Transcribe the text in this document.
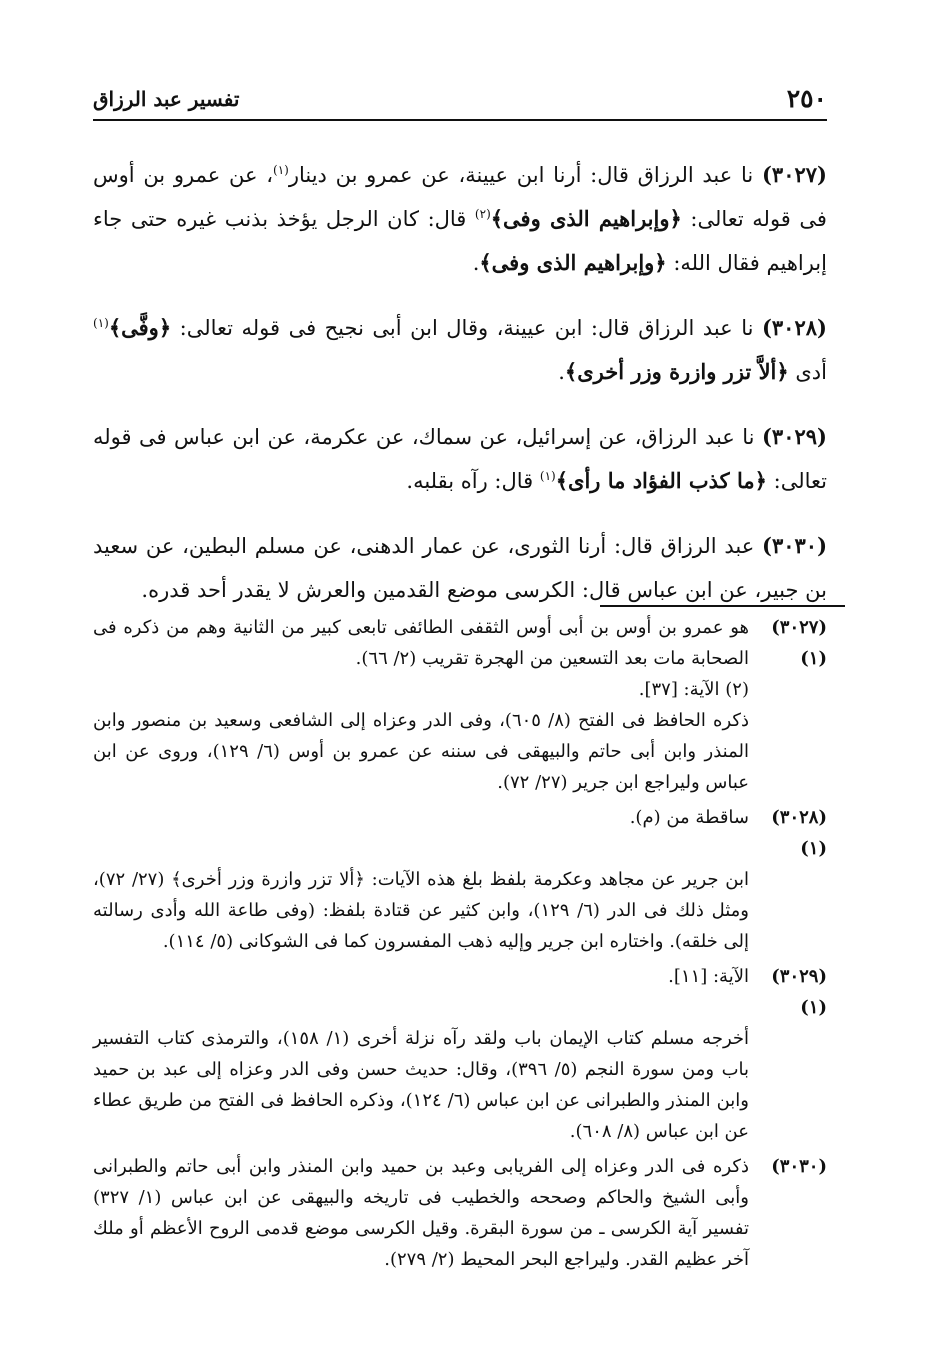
٢٥٠
تفسير عبد الرزاق

(٣٠٢٧) نا عبد الرزاق قال: أرنا ابن عيينة، عن عمرو بن دينار$^{(١)}$، عن عمرو بن أوس فى قوله تعالى: ﴿وإبراهيم الذى وفى﴾$^{(٢)}$ قال: كان الرجل يؤخذ بذنب غيره حتى جاء إبراهيم فقال الله: ﴿وإبراهيم الذى وفى﴾.

(٣٠٢٨) نا عبد الرزاق قال: ابن عيينة، وقال ابن أبى نجيح فى قوله تعالى: ﴿وفَّى﴾$^{(١)}$ أدى ﴿ألاَّ تزر وازرة وزر أخرى﴾.

(٣٠٢٩) نا عبد الرزاق، عن إسرائيل، عن سماك، عن عكرمة، عن ابن عباس فى قوله تعالى: ﴿ما كذب الفؤاد ما رأى﴾$^{(١)}$ قال: رآه بقلبه.

(٣٠٣٠) عبد الرزاق قال: أرنا الثورى، عن عمار الدهنى، عن مسلم البطين، عن سعيد بن جبير، عن ابن عباس قال: الكرسى موضع القدمين والعرش لا يقدر أحد قدره.

(٣٠٢٧) (١)
هو عمرو بن أوس بن أبى أوس الثقفى الطائفى تابعى كبير من الثانية وهم من ذكره فى الصحابة مات بعد التسعين من الهجرة تقريب (٢/ ٦٦).
(٢) الآية: [٣٧].
ذكره الحافظ فى الفتح (٨/ ٦٠٥)، وفى الدر وعزاه إلى الشافعى وسعيد بن منصور وابن المنذر وابن أبى حاتم والبيهقى فى سننه عن عمرو بن أوس (٦/ ١٢٩)، وروى عن ابن عباس وليراجع ابن جرير (٢٧/ ٧٢).
(٣٠٢٨) (١)
ساقطة من (م).
ابن جرير عن مجاهد وعكرمة بلفظ بلغ هذه الآيات: ﴿ألا تزر وازرة وزر أخرى﴾ (٢٧/ ٧٢)، ومثل ذلك فى الدر (٦/ ١٢٩)، وابن كثير عن قتادة بلفظ: (وفى طاعة الله وأدى رسالته إلى خلقه). واختاره ابن جرير وإليه ذهب المفسرون كما فى الشوكانى (٥/ ١١٤).
(٣٠٢٩) (١)
الآية: [١١].
أخرجه مسلم كتاب الإيمان باب ولقد رآه نزلة أخرى (١/ ١٥٨)، والترمذى كتاب التفسير باب ومن سورة النجم (٥/ ٣٩٦)، وقال: حديث حسن وفى الدر وعزاه إلى عبد بن حميد وابن المنذر والطبرانى عن ابن عباس (٦/ ١٢٤)، وذكره الحافظ فى الفتح من طريق عطاء عن ابن عباس (٨/ ٦٠٨).
(٣٠٣٠)
ذكره فى الدر وعزاه إلى الفريابى وعبد بن حميد وابن المنذر وابن أبى حاتم والطبرانى وأبى الشيخ والحاكم وصححه والخطيب فى تاريخه والبيهقى عن ابن عباس (١/ ٣٢٧) تفسير آية الكرسى ـ من سورة البقرة. وقيل الكرسى موضع قدمى الروح الأعظم أو ملك آخر عظيم القدر. وليراجع البحر المحيط (٢/ ٢٧٩).
